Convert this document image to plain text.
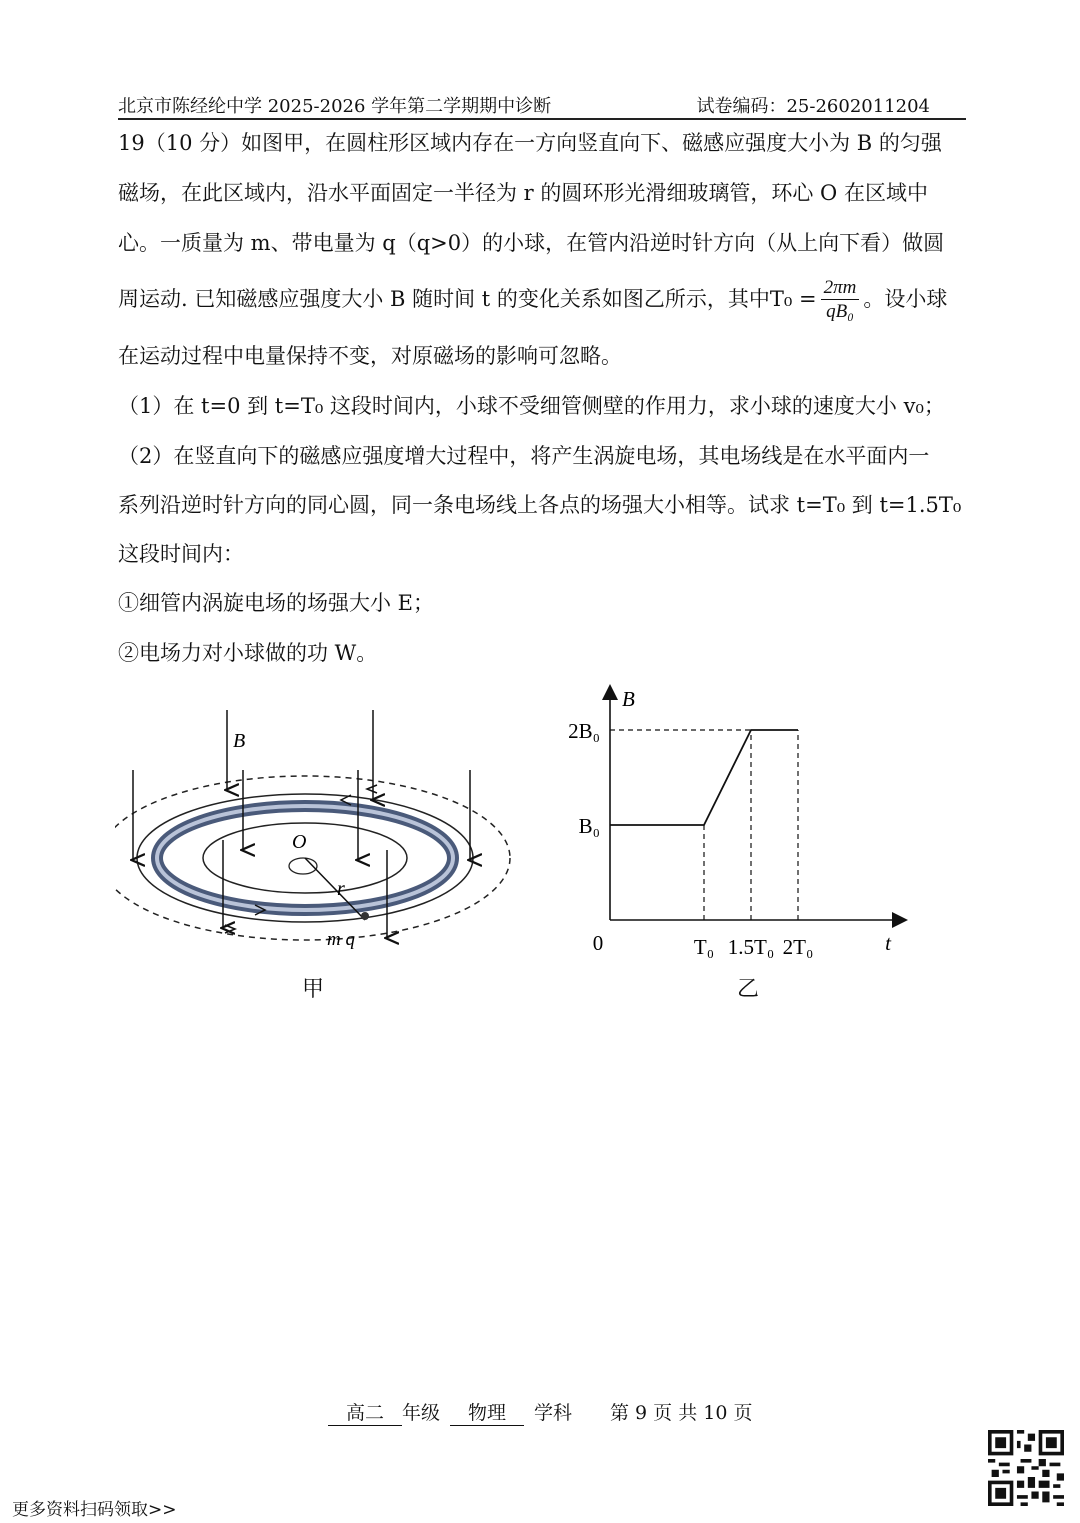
北京市陈经纶中学 2025-2026 学年第二学期期中诊断	试卷编码：25-2602011204
19（10 分）如图甲，在圆柱形区域内存在一方向竖直向下、磁感应强度大小为 B 的匀强
磁场，在此区域内，沿水平面固定一半径为 r 的圆环形光滑细玻璃管，环心 O 在区域中
心。一质量为 m、带电量为 q（q>0）的小球，在管内沿逆时针方向（从上向下看）做圆
周运动. 已知磁感应强度大小 B 随时间 t 的变化关系如图乙所示，其中$T_0 = \frac{2\pi m}{\text{qB₀}}$ 。设小球
在运动过程中电量保持不变，对原磁场的影响可忽略。
（1）在 t=0 到 t=T₀ 这段时间内，小球不受细管侧壁的作用力，求小球的速度大小 v₀；
（2）在竖直向下的磁感应强度增大过程中，将产生涡旋电场，其电场线是在水平面内一
系列沿逆时针方向的同心圆，同一条电场线上各点的场强大小相等。试求 t=T₀ 到 t=1.5T₀
这段时间内：
①细管内涡旋电场的场强大小 E；
②电场力对小球做的功 W。
B
O
r
m q
甲
B
t
0
B₀
2B₀
T₀ 1.5T₀ 2T₀
乙
高二 年级	物理	学科 第 9 页 共 10 页
更多资料扫码领取>>
